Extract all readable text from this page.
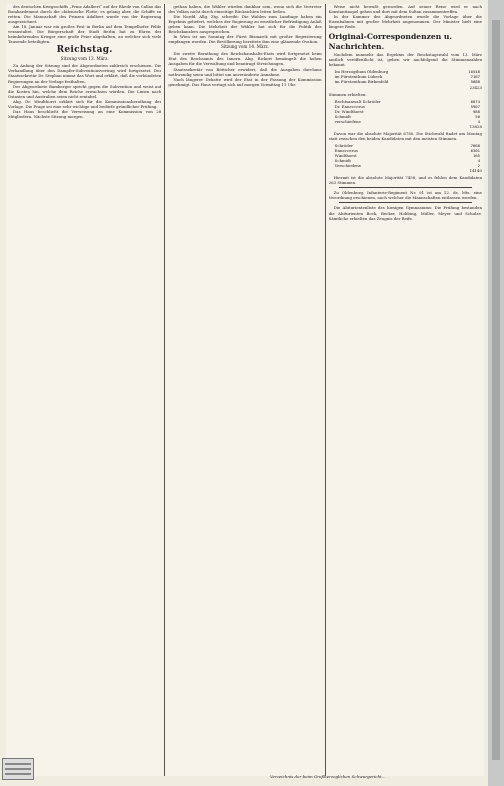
des deutschen Kriegsschiffs „Prinz Adalbert“ auf der Rhede von Callao das Bombardement durch die chilenische Flotte; es gelang aber, die Schiffe zu retten. Die Mannschaft des Prinzen Adalbert wurde von der Regierung ausgezeichnet.

Am 18. Januar war ein großes Fest in Berlin auf dem Tempelhofer Felde veranstaltet. Die Bürgerschaft der Stadt Berlin hat zu Ehren der heimkehrenden Krieger eine große Feier abgehalten, an welcher sich viele Tausende beteiligten.

Reichstag.
Sitzung vom 13. März.

Zu Anfang der Sitzung sind die Abgeordneten zahlreich erschienen. Die Verhandlung über den Dampfer-Subventionsvertrag wird fortgesetzt. Der Staatssekretär Dr. Stephan nimmt das Wort und erklärt, daß die verbündeten Regierungen an der Vorlage festhalten.

Der Abgeordnete Bamberger spricht gegen die Subvention und weist auf die Kosten hin, welche dem Reiche erwachsen würden. Die Linien nach Ostasien und Australien seien nicht rentabel.

Abg. Dr. Windthorst erklärt sich für die Kommissionsberathung der Vorlage. Die Frage sei eine sehr wichtige und bedürfe gründlicher Prüfung.

Das Haus beschließt die Verweisung an eine Kommission von 28 Mitgliedern. Nächste Sitzung morgen.

gethan haben, die Wähler würden dankbar sein, wenn sich die Vertreter des Volkes nicht durch einseitige Rücksichten leiten ließen.

Die Nordd. Allg. Ztg. schreibt: Die Wahlen zum Landtage haben ein Ergebnis geliefert, welches der Regierung zu ernstlicher Befriedigung Anlaß geben kann. Die Mehrheit der Wähler hat sich für die Politik des Reichskanzlers ausgesprochen.

In Wien ist am Sonntag der Fürst Bismarck mit großer Begeisterung empfangen worden. Die Bevölkerung bereitete ihm eine glänzende Ovation.

Sitzung vom 14. März.

Die zweite Berathung des Reichshaushalts-Etats wird fortgesetzt beim Etat des Reichsamts des Innern. Abg. Rickert bemängelt die hohen Ausgaben für die Verwaltung und beantragt Streichungen.

Staatssekretär von Bötticher erwidert, daß die Ausgaben durchaus nothwendig seien und bittet um unveränderte Annahme.

Nach längerer Debatte wird der Etat in der Fassung der Kommission genehmigt. Das Haus vertagt sich auf morgen Vormittag 11 Uhr.

Weise nicht bewußt geworden. Auf seiner Reise wird er nach Konstantinopel gehen und dort mit dem Sultan zusammentreffen.

In der Kammer der Abgeordneten wurde die Vorlage über die Eisenbahnen mit großer Mehrheit angenommen. Der Minister hielt eine längere Rede.

Original-Correspondenzen u. Nachrichten.

Nachdem nunmehr das Ergebnis der Reichstagswahl vom 13. März amtlich veröffentlicht ist, geben wir nachfolgend die Stimmenzahlen bekannt.

Im Herzogthum Oldenburg	10548
im Fürstenthum Lübeck	7187
im Fürstenthum Birkenfeld	5688
23423
Stimmen erhielten:
Rechtsanwalt Schröder	6874
Dr. Enneccerus	5907
Dr. Windthorst	988
Schmidt	50
verschiedene	4
13828

Davon war die absolute Majorität 6780. Die Stichwahl findet am Montag statt zwischen den beiden Kandidaten mit den meisten Stimmen.

Schröder	7668
Enneccerus	6301
Windthorst	165
Schmidt	4
Verschiedene	2
14140

Hiermit ist die absolute Majorität 7458, und es fehlen dem Kandidaten 263 Stimmen.

Zu Oldenburg, Infanterie-Regiment Nr. 91 ist am 12. ds. Mts. eine Verordnung erschienen, nach welcher die Mannschaften entlassen werden.

Die Abiturientenliste des hiesigen Gymnasiums: Die Prüfung bestanden die Abiturienten Bock, Becker, Hobbing, Müller, Meyer und Schulze. Sämtliche erhielten das Zeugnis der Reife.

Verzeichnis der beim Großherzoglichen Schwurgericht…
